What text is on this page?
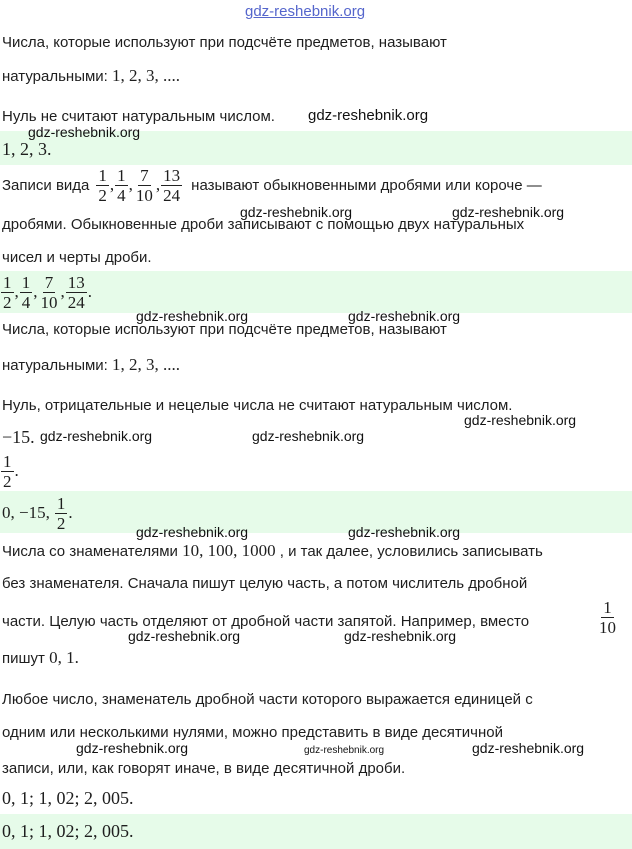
gdz-reshebnik.org
Числа, которые используют при подсчёте предметов, называют
натуральными: 1, 2, 3, ....
Нуль не считают натуральным числом. gdz-reshebnik.org
gdz-reshebnik.org
1, 2, 3.
Записи вида $\frac{1}{2}$ , $\frac{1}{4}$ , $\frac{7}{10}$ , $\frac{13}{24}$ называют обыкновенными дробями или короче —
gdz-reshebnik.org	gdz-reshebnik.org
дробями. Обыкновенные дроби записывают с помощью двух натуральных
чисел и черты дроби.
$\frac{1}{2}$ , $\frac{1}{4}$ , $\frac{7}{10}$ , $\frac{13}{24}$ .
gdz-reshebnik.org	gdz-reshebnik.org
Числа, которые используют при подсчёте предметов, называют
натуральными: 1, 2, 3, ....
Нуль, отрицательные и нецелые числа не считают натуральным числом.
gdz-reshebnik.org
−15. gdz-reshebnik.org	gdz-reshebnik.org
$\frac{1}{2}$ .
0, −15, $\frac{1}{2}$ .
gdz-reshebnik.org	gdz-reshebnik.org
Числа со знаменателями 10, 100, 1000 , и так далее, условились записывать
без знаменателя. Сначала пишут целую часть, а потом числитель дробной
части. Целую часть отделяют от дробной части запятой. Например, вместо	$\frac{1}{10}$
gdz-reshebnik.org	gdz-reshebnik.org
пишут 0, 1.
Любое число, знаменатель дробной части которого выражается единицей с
одним или несколькими нулями, можно представить в виде десятичной
gdz-reshebnik.org	gdz-reshebnik.org	gdz-reshebnik.org
записи, или, как говорят иначе, в виде десятичной дроби.
0, 1; 1, 02; 2, 005.
0, 1; 1, 02; 2, 005.
